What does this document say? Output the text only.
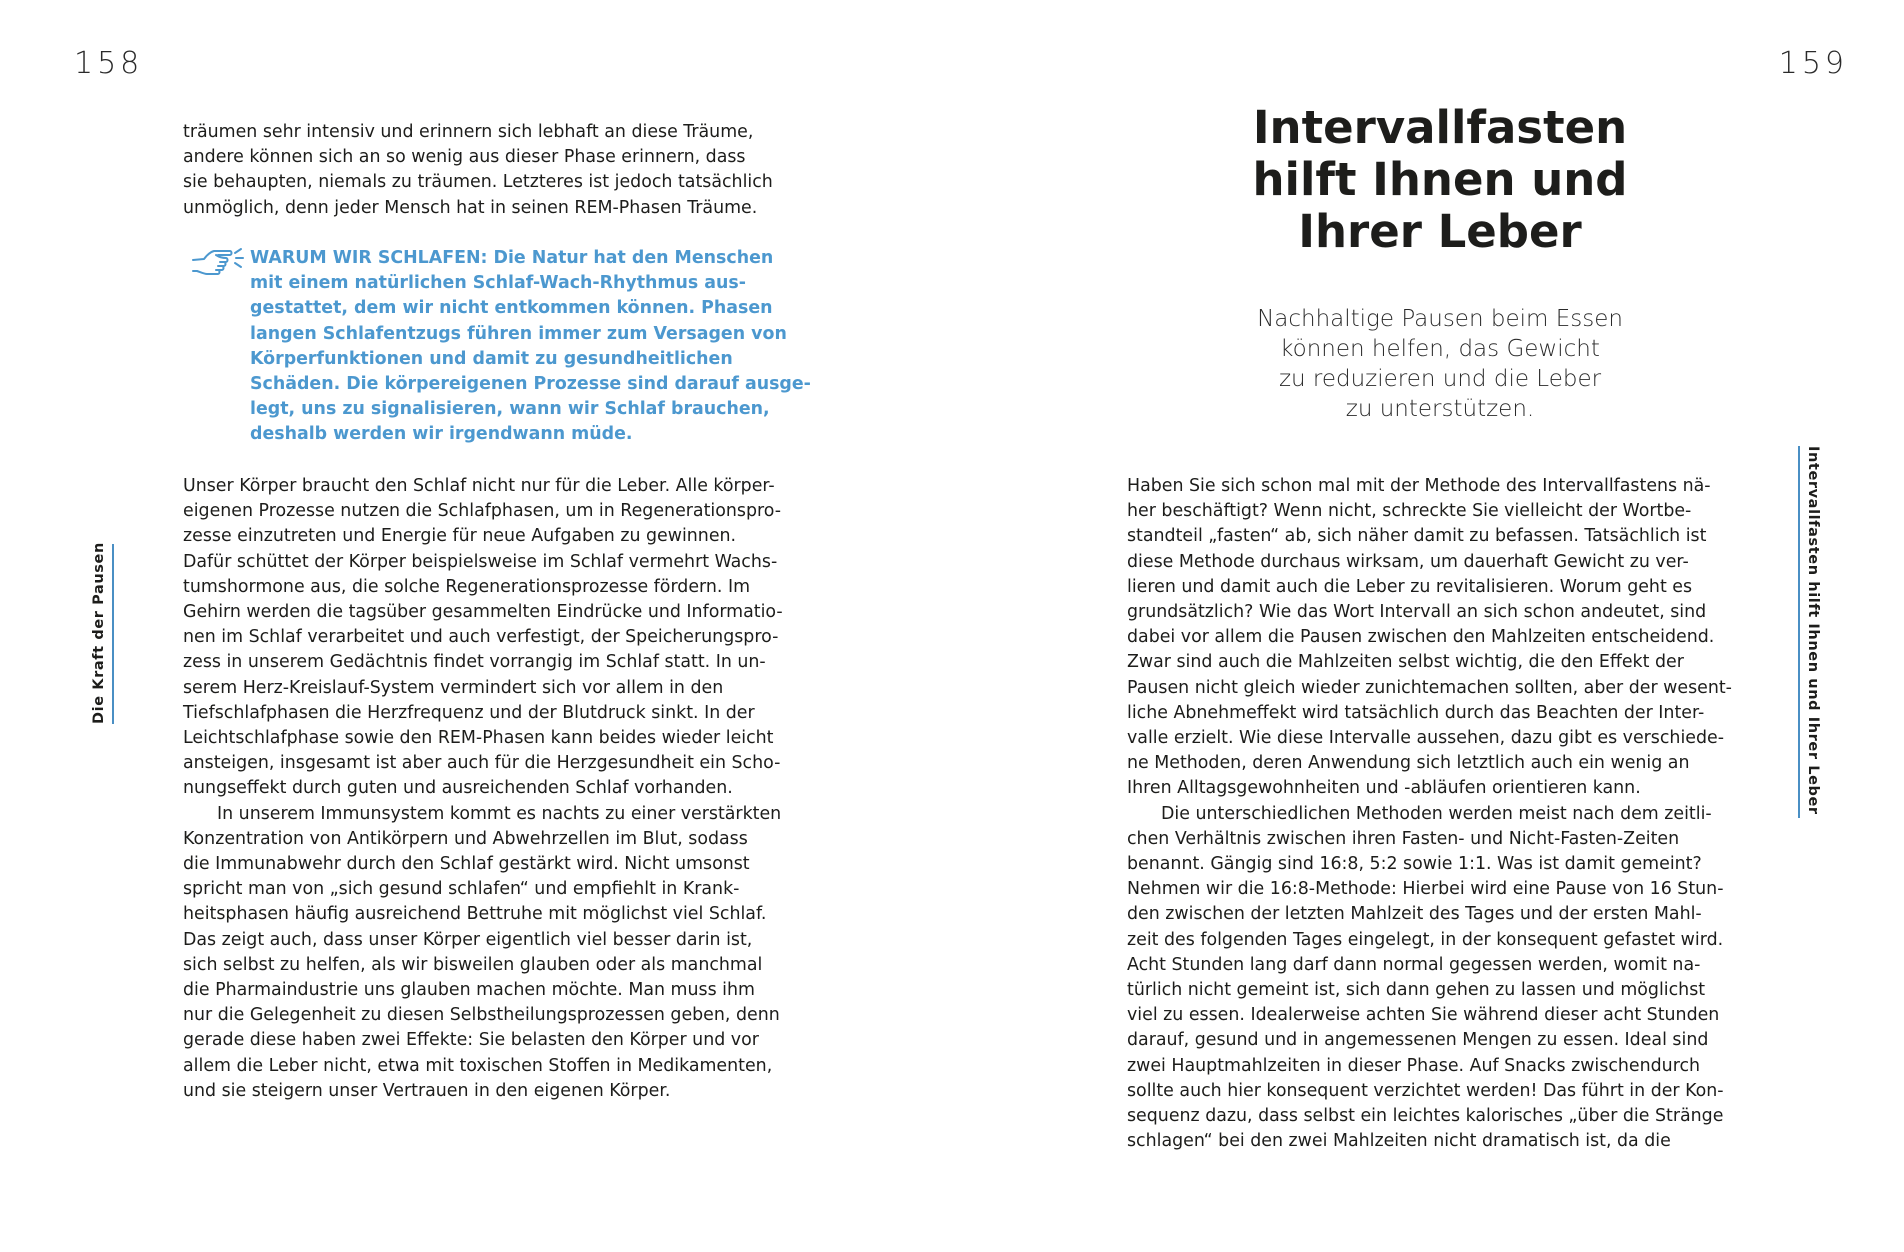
158
Die Kraft der Pausen

träumen sehr intensiv und erinnern sich lebhaft an diese Träume,
andere können sich an so wenig aus dieser Phase erinnern, dass
sie behaupten, niemals zu träumen. Letzteres ist jedoch tatsächlich
unmöglich, denn jeder Mensch hat in seinen REM-Phasen Träume.

WARUM WIR SCHLAFEN: Die Natur hat den Menschen
mit einem natürlichen Schlaf-Wach-Rhythmus aus-
gestattet, dem wir nicht entkommen können. Phasen
langen Schlafentzugs führen immer zum Versagen von
Körperfunktionen und damit zu gesundheitlichen
Schäden. Die körpereigenen Prozesse sind darauf ausge-
legt, uns zu signalisieren, wann wir Schlaf brauchen,
deshalb werden wir irgendwann müde.

Unser Körper braucht den Schlaf nicht nur für die Leber. Alle körper-
eigenen Prozesse nutzen die Schlafphasen, um in Regenerationspro-
zesse einzutreten und Energie für neue Aufgaben zu gewinnen.
Dafür schüttet der Körper beispielsweise im Schlaf vermehrt Wachs-
tumshormone aus, die solche Regenerationsprozesse fördern. Im
Gehirn werden die tagsüber gesammelten Eindrücke und Informatio-
nen im Schlaf verarbeitet und auch verfestigt, der Speicherungspro-
zess in unserem Gedächtnis findet vorrangig im Schlaf statt. In un-
serem Herz-Kreislauf-System vermindert sich vor allem in den
Tiefschlafphasen die Herzfrequenz und der Blutdruck sinkt. In der
Leichtschlafphase sowie den REM-Phasen kann beides wieder leicht
ansteigen, insgesamt ist aber auch für die Herzgesundheit ein Scho-
nungseffekt durch guten und ausreichenden Schlaf vorhanden.

In unserem Immunsystem kommt es nachts zu einer verstärkten
Konzentration von Antikörpern und Abwehrzellen im Blut, sodass
die Immunabwehr durch den Schlaf gestärkt wird. Nicht umsonst
spricht man von „sich gesund schlafen“ und empfiehlt in Krank-
heitsphasen häufig ausreichend Bettruhe mit möglichst viel Schlaf.
Das zeigt auch, dass unser Körper eigentlich viel besser darin ist,
sich selbst zu helfen, als wir bisweilen glauben oder als manchmal
die Pharmaindustrie uns glauben machen möchte. Man muss ihm
nur die Gelegenheit zu diesen Selbstheilungsprozessen geben, denn
gerade diese haben zwei Effekte: Sie belasten den Körper und vor
allem die Leber nicht, etwa mit toxischen Stoffen in Medikamenten,
und sie steigern unser Vertrauen in den eigenen Körper.

159
Intervallfasten hilft Ihnen und Ihrer Leber
Intervallfasten
hilft Ihnen und
Ihrer Leber
Nachhaltige Pausen beim Essen
können helfen, das Gewicht
zu reduzieren und die Leber
zu unterstützen.

Haben Sie sich schon mal mit der Methode des Intervallfastens nä-
her beschäftigt? Wenn nicht, schreckte Sie vielleicht der Wortbe-
standteil „fasten“ ab, sich näher damit zu befassen. Tatsächlich ist
diese Methode durchaus wirksam, um dauerhaft Gewicht zu ver-
lieren und damit auch die Leber zu revitalisieren. Worum geht es
grundsätzlich? Wie das Wort Intervall an sich schon andeutet, sind
dabei vor allem die Pausen zwischen den Mahlzeiten entscheidend.
Zwar sind auch die Mahlzeiten selbst wichtig, die den Effekt der
Pausen nicht gleich wieder zunichtemachen sollten, aber der wesent-
liche Abnehmeffekt wird tatsächlich durch das Beachten der Inter-
valle erzielt. Wie diese Intervalle aussehen, dazu gibt es verschiede-
ne Methoden, deren Anwendung sich letztlich auch ein wenig an
Ihren Alltagsgewohnheiten und -abläufen orientieren kann.

Die unterschiedlichen Methoden werden meist nach dem zeitli-
chen Verhältnis zwischen ihren Fasten- und Nicht-Fasten-Zeiten
benannt. Gängig sind 16:8, 5:2 sowie 1:1. Was ist damit gemeint?
Nehmen wir die 16:8-Methode: Hierbei wird eine Pause von 16 Stun-
den zwischen der letzten Mahlzeit des Tages und der ersten Mahl-
zeit des folgenden Tages eingelegt, in der konsequent gefastet wird.
Acht Stunden lang darf dann normal gegessen werden, womit na-
türlich nicht gemeint ist, sich dann gehen zu lassen und möglichst
viel zu essen. Idealerweise achten Sie während dieser acht Stunden
darauf, gesund und in angemessenen Mengen zu essen. Ideal sind
zwei Hauptmahlzeiten in dieser Phase. Auf Snacks zwischendurch
sollte auch hier konsequent verzichtet werden! Das führt in der Kon-
sequenz dazu, dass selbst ein leichtes kalorisches „über die Stränge
schlagen“ bei den zwei Mahlzeiten nicht dramatisch ist, da die
